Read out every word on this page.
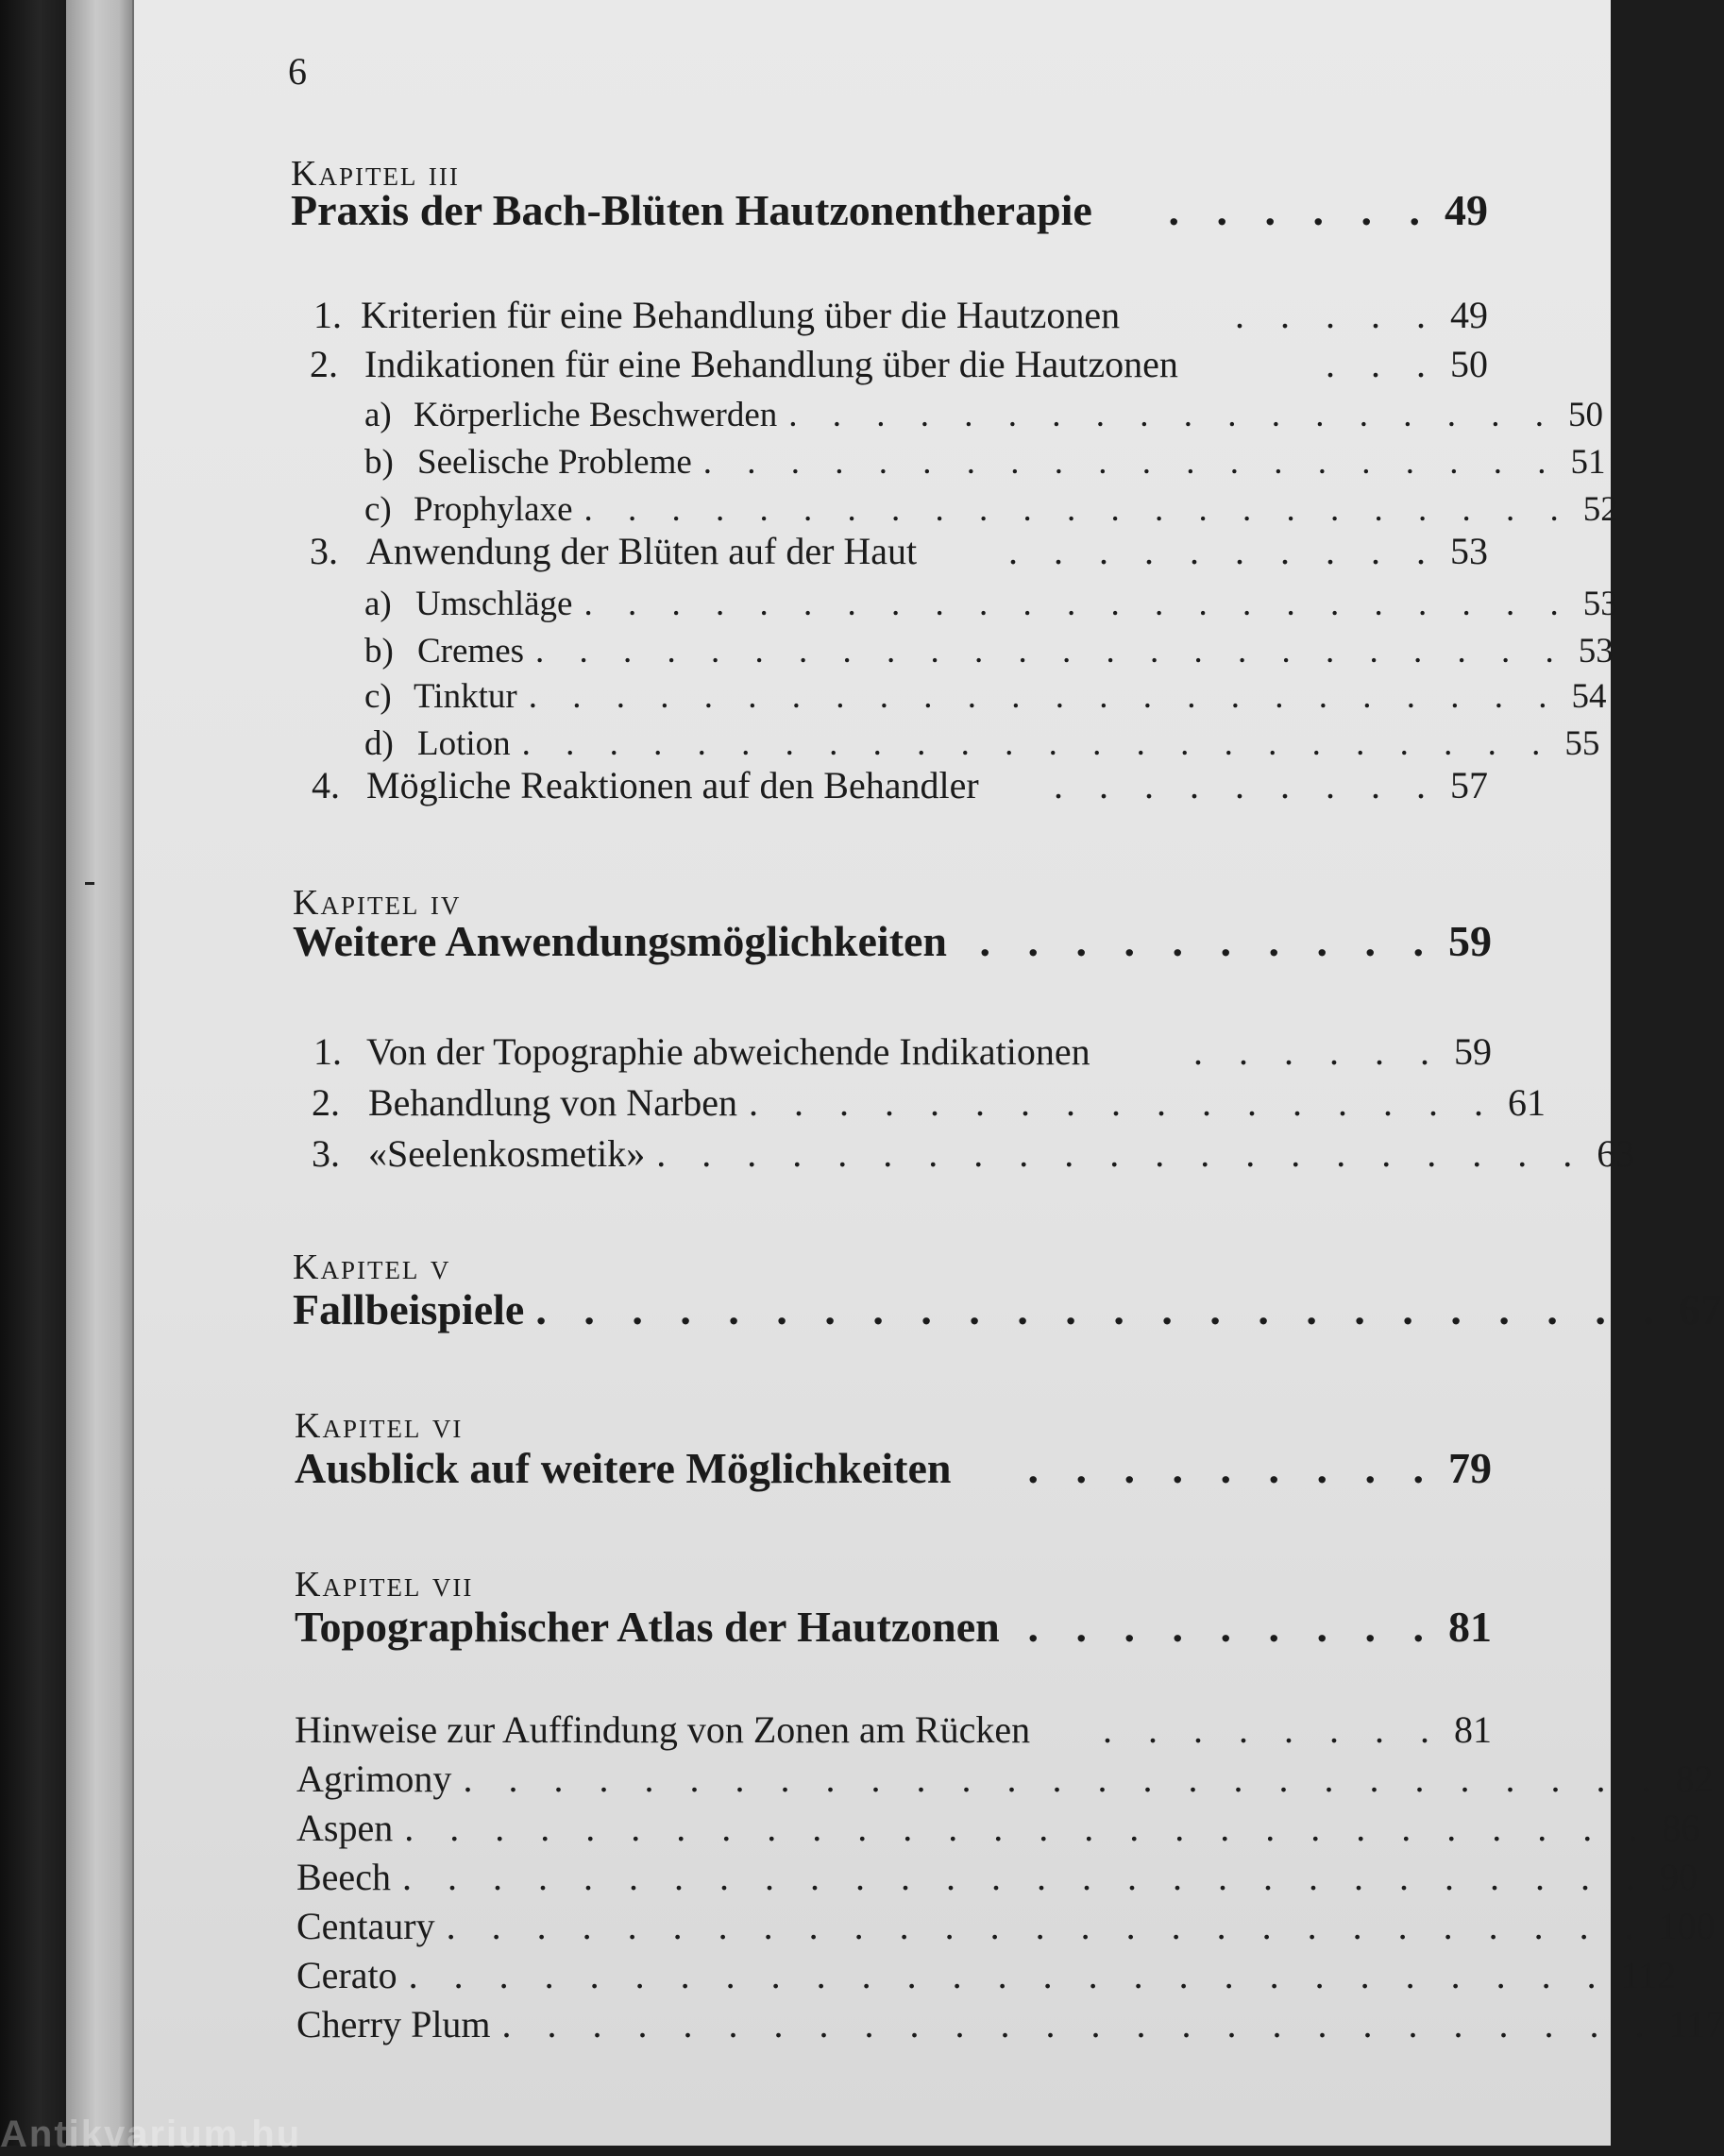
6
Kapitel iii
Praxis der Bach-Blüten Hautzonentherapie	. . . . . . 49
1. Kriterien für eine Behandlung über die Hautzonen	. . . . . 49
2. Indikationen für eine Behandlung über die Hautzonen	. . . 50
a) Körperliche Beschwerden . . . . . . . . . . . . . . . . . . 50
b) Seelische Probleme . . . . . . . . . . . . . . . . . . . . 51
c) Prophylaxe . . . . . . . . . . . . . . . . . . . . . . . 52
3. Anwendung der Blüten auf der Haut	. . . . . . . . . . 53
a) Umschläge . . . . . . . . . . . . . . . . . . . . . . . 53
b) Cremes . . . . . . . . . . . . . . . . . . . . . . . . 53
c) Tinktur . . . . . . . . . . . . . . . . . . . . . . . . 54
d) Lotion . . . . . . . . . . . . . . . . . . . . . . . . 55
4. Mögliche Reaktionen auf den Behandler	. . . . . . . . . 57
Kapitel iv
Weitere Anwendungsmöglichkeiten . . . . . . . . . . 59
1. Von der Topographie abweichende Indikationen	. . . . . . 59
2. Behandlung von Narben . . . . . . . . . . . . . . . . . 61
3. «Seelenkosmetik» . . . . . . . . . . . . . . . . . . . . . 63
Kapitel v
Fallbeispiele . . . . . . . . . . . . . . . . . . . . . . . . 67
Kapitel vi
Ausblick auf weitere Möglichkeiten	. . . . . . . . . 79
Kapitel vii
Topographischer Atlas der Hautzonen . . . . . . . . . 81
Hinweise zur Auffindung von Zonen am Rücken	. . . . . . . . 81
Agrimony . . . . . . . . . . . . . . . . . . . . . . . . . . . 82
Aspen . . . . . . . . . . . . . . . . . . . . . . . . . . . . 86
Beech . . . . . . . . . . . . . . . . . . . . . . . . . . . . 90
Centaury . . . . . . . . . . . . . . . . . . . . . . . . . . . 100
Cerato . . . . . . . . . . . . . . . . . . . . . . . . . . . 112
Cherry Plum . . . . . . . . . . . . . . . . . . . . . . . . . . 117
Antikvarium.hu
